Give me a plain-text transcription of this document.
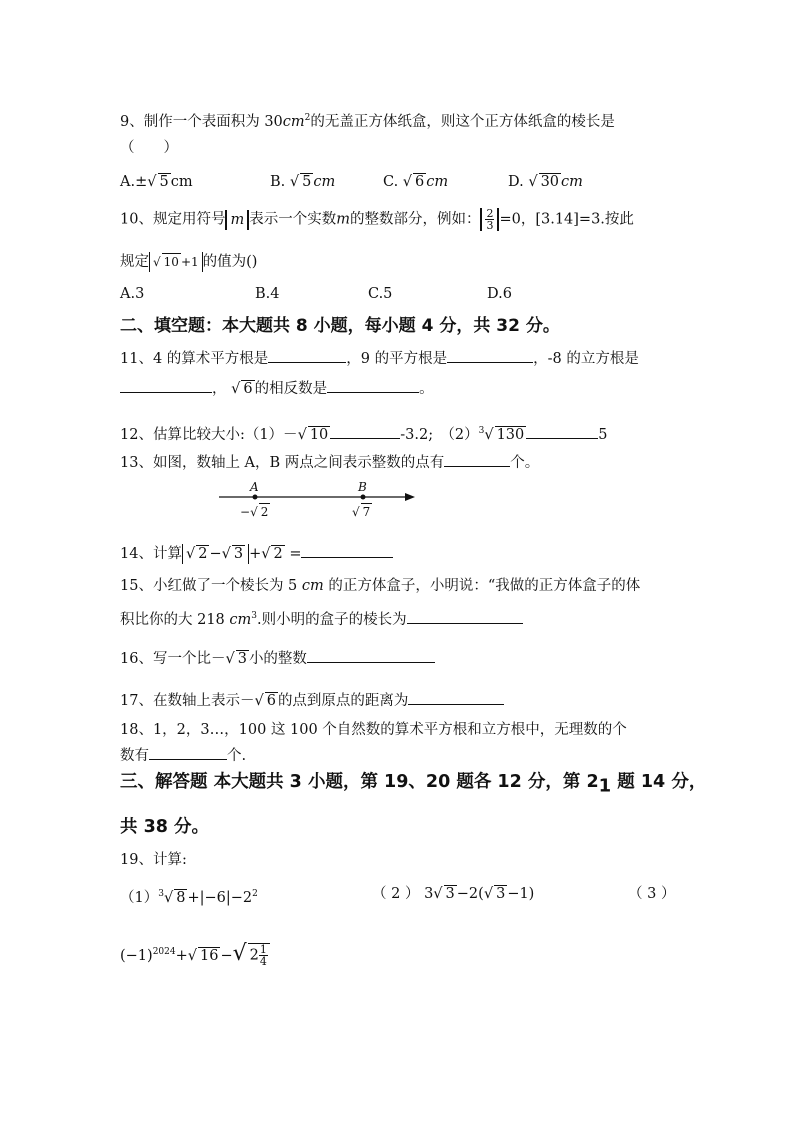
9、制作一个表面积为 $30cm^2$的无盖正方体纸盒，则这个正方体纸盒的棱长是
（　　）
A.±√ 5 cm	B. √ 5 cm	C. √ 6 cm	D. √ 30 cm
10、规定用符号 m 表示一个实数m的整数部分，例如： $\frac{2}{3} =0$，[3.14]=3.按此
规定 √ 10 +1 的值为()
A.3	B.4	C.5	D.6
二、填空题：本大题共 8 小题，每小题 4 分，共 32 分。
11、4 的算术平方根是	，9 的平方根是	，-8 的立方根是
， √ 6 的相反数是	。
12、估算比较大小:（1）－√ 10	-3.2;　$(2)^3√$ 130	5
13、如图，数轴上 A，B 两点之间表示整数的点有	个。
A	B
−√ 2	√ 7
14、计算 √ 2 −√ 3 +√ 2 =
15、小红做了一个棱长为 5 cm 的正方体盒子，小明说：“我做的正方体盒子的体
积比你的大 218 $cm^3$.则小明的盒子的棱长为
16、写一个比－√ 3 小的整数
17、在数轴上表示－√ 6 的点到原点的距离为
18、1，2，3…，100 这 100 个自然数的算术平方根和立方根中，无理数的个
数有	个.
三、解答题 本大题共 3 小题，第 19、20 题各 12 分，第 $2_1$ 题 14 分，
共 38 分。
19、计算:
$(1)^3√$ $8 +|-6|-2^2$	（ 2 ） 3√ 3 −2(√ 3 −1)	（ 3 ）
$(-1)^{2024}+√$ 16 −√ $2 \frac{1}{4}$
